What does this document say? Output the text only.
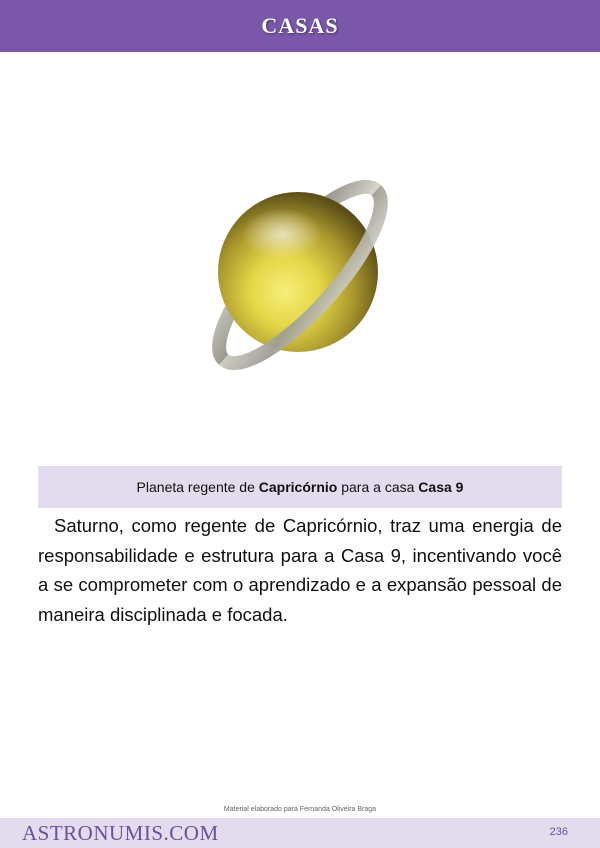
CASAS
Planeta regente de
Capricórnio
para a casa
Casa 9

Saturno, como regente de Capricórnio, traz uma energia de responsabilidade e estrutura para a Casa 9, incentivando você a se comprometer com o aprendizado e a expansão pessoal de maneira disciplinada e focada.

Material elaborado para Fernanda Oliveira Braga
ASTRONUMIS.COM	236
